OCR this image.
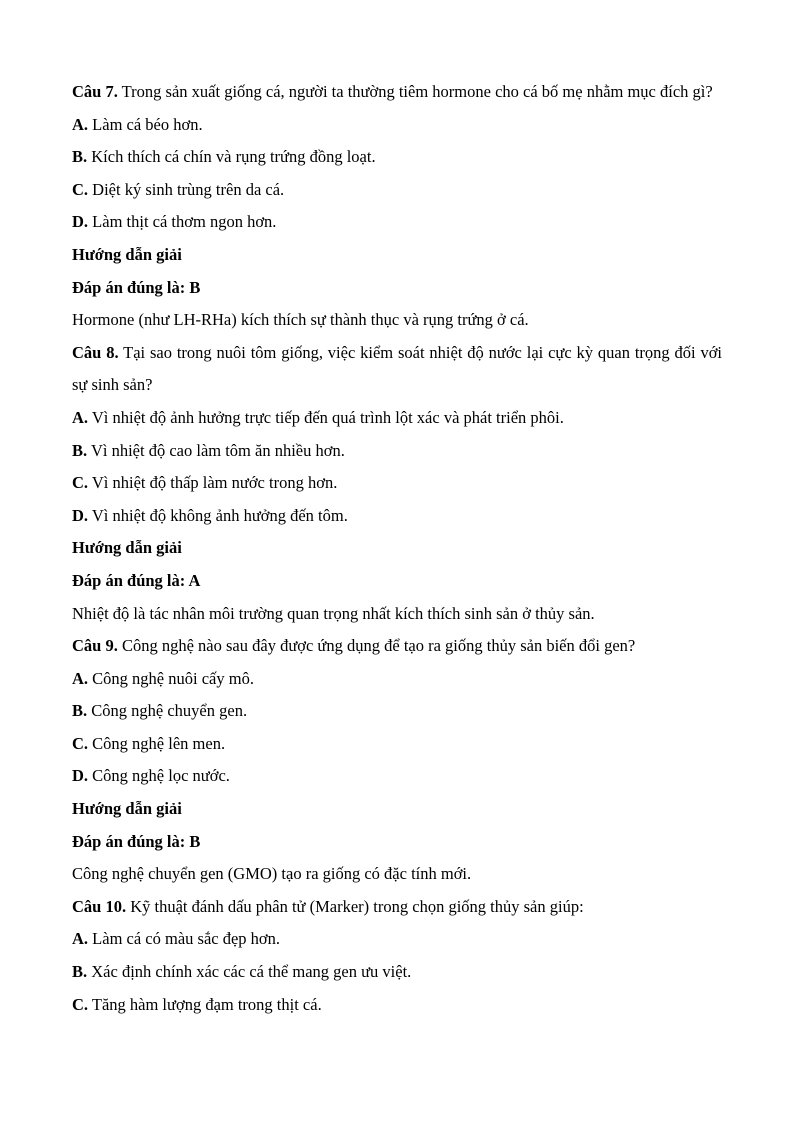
Câu 7. Trong sản xuất giống cá, người ta thường tiêm hormone cho cá bố mẹ nhằm mục đích gì?

A. Làm cá béo hơn.

B. Kích thích cá chín và rụng trứng đồng loạt.

C. Diệt ký sinh trùng trên da cá.

D. Làm thịt cá thơm ngon hơn.

Hướng dẫn giải

Đáp án đúng là: B

Hormone (như LH-RHa) kích thích sự thành thục và rụng trứng ở cá.

Câu 8. Tại sao trong nuôi tôm giống, việc kiểm soát nhiệt độ nước lại cực kỳ quan trọng đối với sự sinh sản?

A. Vì nhiệt độ ảnh hưởng trực tiếp đến quá trình lột xác và phát triển phôi.

B. Vì nhiệt độ cao làm tôm ăn nhiều hơn.

C. Vì nhiệt độ thấp làm nước trong hơn.

D. Vì nhiệt độ không ảnh hưởng đến tôm.

Hướng dẫn giải

Đáp án đúng là: A

Nhiệt độ là tác nhân môi trường quan trọng nhất kích thích sinh sản ở thủy sản.

Câu 9. Công nghệ nào sau đây được ứng dụng để tạo ra giống thủy sản biến đổi gen?

A. Công nghệ nuôi cấy mô.

B. Công nghệ chuyển gen.

C. Công nghệ lên men.

D. Công nghệ lọc nước.

Hướng dẫn giải

Đáp án đúng là: B

Công nghệ chuyển gen (GMO) tạo ra giống có đặc tính mới.

Câu 10. Kỹ thuật đánh dấu phân tử (Marker) trong chọn giống thủy sản giúp:

A. Làm cá có màu sắc đẹp hơn.

B. Xác định chính xác các cá thể mang gen ưu việt.

C. Tăng hàm lượng đạm trong thịt cá.
